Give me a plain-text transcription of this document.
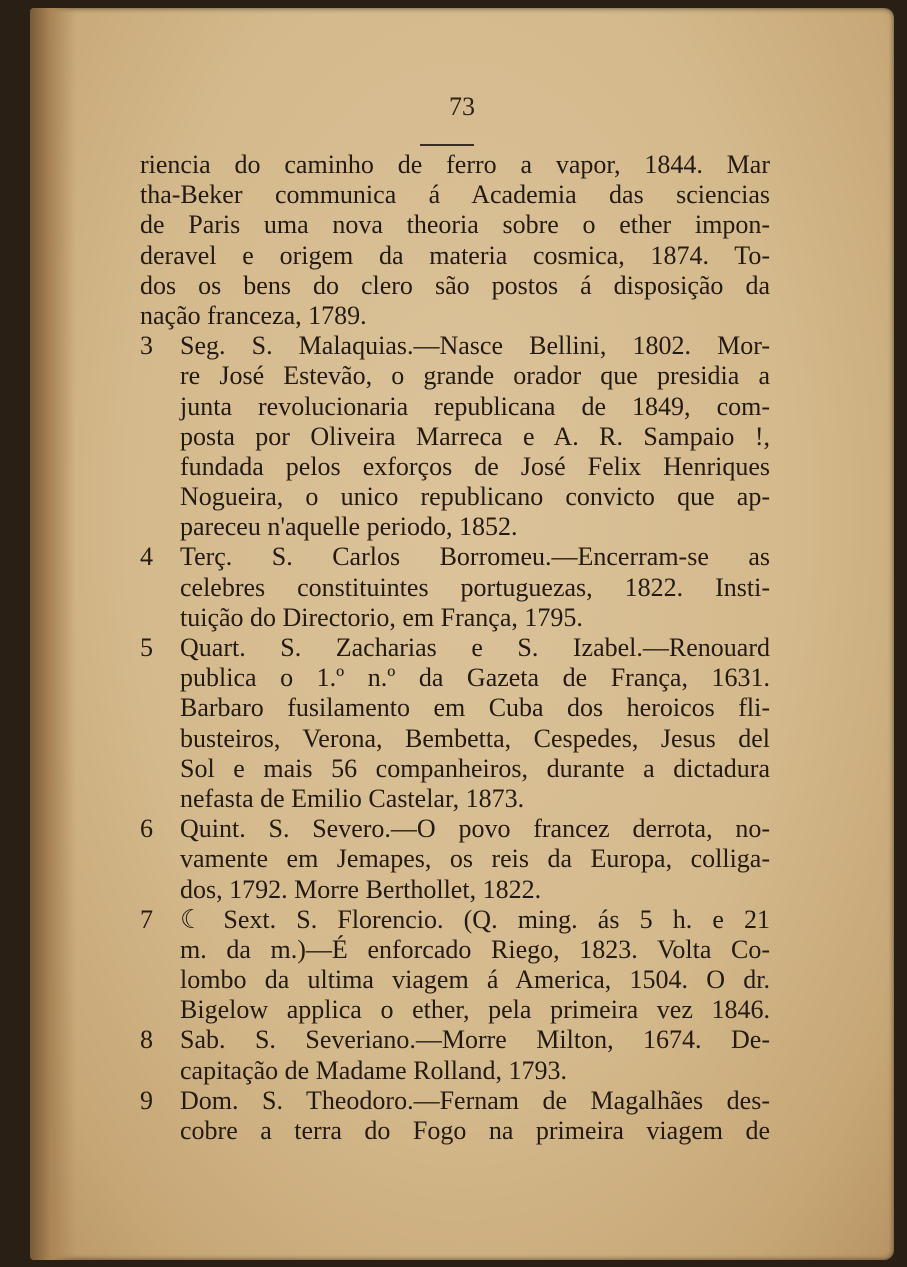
73
riencia do caminho de ferro a vapor, 1844. Mar
tha-Beker communica á Academia das sciencias
de Paris uma nova theoria sobre o ether impon-
deravel e origem da materia cosmica, 1874. To-
dos os bens do clero são postos á disposição da
nação franceza, 1789.
3	Seg. S. Malaquias.—Nasce Bellini, 1802. Mor-
re José Estevão, o grande orador que presidia a
junta revolucionaria republicana de 1849, com-
posta por Oliveira Marreca e A. R. Sampaio !,
fundada pelos exforços de José Felix Henriques
Nogueira, o unico republicano convicto que ap-
pareceu n'aquelle periodo, 1852.
4	Terç. S. Carlos Borromeu.—Encerram-se as
celebres constituintes portuguezas, 1822. Insti-
tuição do Directorio, em França, 1795.
5	Quart. S. Zacharias e S. Izabel.—Renouard
publica o 1.º n.º da Gazeta de França, 1631.
Barbaro fusilamento em Cuba dos heroicos fli-
busteiros, Verona, Bembetta, Cespedes, Jesus del
Sol e mais 56 companheiros, durante a dictadura
nefasta de Emilio Castelar, 1873.
6	Quint. S. Severo.—O povo francez derrota, no-
vamente em Jemapes, os reis da Europa, colliga-
dos, 1792. Morre Berthollet, 1822.
7	☾ Sext. S. Florencio. (Q. ming. ás 5 h. e 21
m. da m.)—É enforcado Riego, 1823. Volta Co-
lombo da ultima viagem á America, 1504. O dr.
Bigelow applica o ether, pela primeira vez 1846.
8	Sab. S. Severiano.—Morre Milton, 1674. De-
capitação de Madame Rolland, 1793.
9	Dom. S. Theodoro.—Fernam de Magalhães des-
cobre a terra do Fogo na primeira viagem de
